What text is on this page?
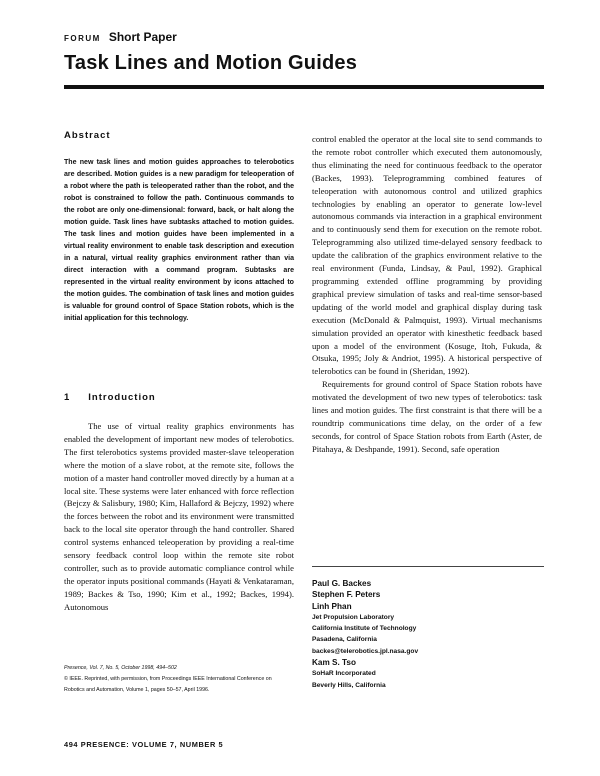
FORUM Short Paper
Task Lines and Motion Guides
Abstract

The new task lines and motion guides approaches to telerobotics are described. Motion guides is a new paradigm for teleoperation of a robot where the path is teleoperated rather than the robot, and the robot is constrained to follow the path. Continuous commands to the robot are only one-dimensional: forward, back, or halt along the motion guide. Task lines have subtasks attached to motion guides. The task lines and motion guides have been implemented in a virtual reality environment to enable task description and execution in a natural, virtual reality graphics environment rather than via direct interaction with a command program. Subtasks are represented in the virtual reality environment by icons attached to the motion guides. The combination of task lines and motion guides is valuable for ground control of Space Station robots, which is the initial application for this technology.

1 Introduction

The use of virtual reality graphics environments has enabled the development of important new modes of telerobotics. The first telerobotics systems provided master-slave teleoperation where the motion of a slave robot, at the remote site, follows the motion of a master hand controller moved directly by a human at a local site. These systems were later enhanced with force reflection (Bejczy & Salisbury, 1980; Kim, Hallaford & Bejczy, 1992) where the forces between the robot and its environment were transmitted back to the local site operator through the hand controller. Shared control systems enhanced teleoperation by providing a real-time sensory feedback control loop within the remote site robot controller, such as to provide automatic compliance control while the operator inputs positional commands (Hayati & Venkataraman, 1989; Backes & Tso, 1990; Kim et al., 1992; Backes, 1994). Autonomous

control enabled the operator at the local site to send commands to the remote robot controller which executed them autonomously, thus eliminating the need for continuous feedback to the operator (Backes, 1993). Teleprogramming combined features of teleoperation with autonomous control and utilized graphics technologies by enabling an operator to generate low-level autonomous commands via interaction in a graphical environment and to continuously send them for execution on the remote robot. Teleprogramming also utilized time-delayed sensory feedback to update the calibration of the graphics environment relative to the real environment (Funda, Lindsay, & Paul, 1992). Graphical programming extended offline programming by providing graphical preview simulation of tasks and real-time sensor-based updating of the world model and graphical display during task execution (McDonald & Palmquist, 1993). Virtual mechanisms simulation provided an operator with kinesthetic feedback based upon a model of the environment (Kosuge, Itoh, Fukuda, & Otsuka, 1995; Joly & Andriot, 1995). A historical perspective of telerobotics can be found in (Sheridan, 1992).

Requirements for ground control of Space Station robots have motivated the development of two new types of telerobotics: task lines and motion guides. The first constraint is that there will be a roundtrip communications time delay, on the order of a few seconds, for control of Space Station robots from Earth (Aster, de Pitahaya, & Deshpande, 1991). Second, safe operation

Presence, Vol. 7, No. 5, October 1998, 494–502
© IEEE. Reprinted, with permission, from Proceedings IEEE International Conference on
Robotics and Automation, Volume 1, pages 50–57, April 1996.
Paul G. Backes
Stephen F. Peters
Linh Phan
Jet Propulsion Laboratory
California Institute of Technology
Pasadena, California
backes@telerobotics.jpl.nasa.gov
Kam S. Tso
SoHaR Incorporated
Beverly Hills, California
494 PRESENCE: VOLUME 7, NUMBER 5
